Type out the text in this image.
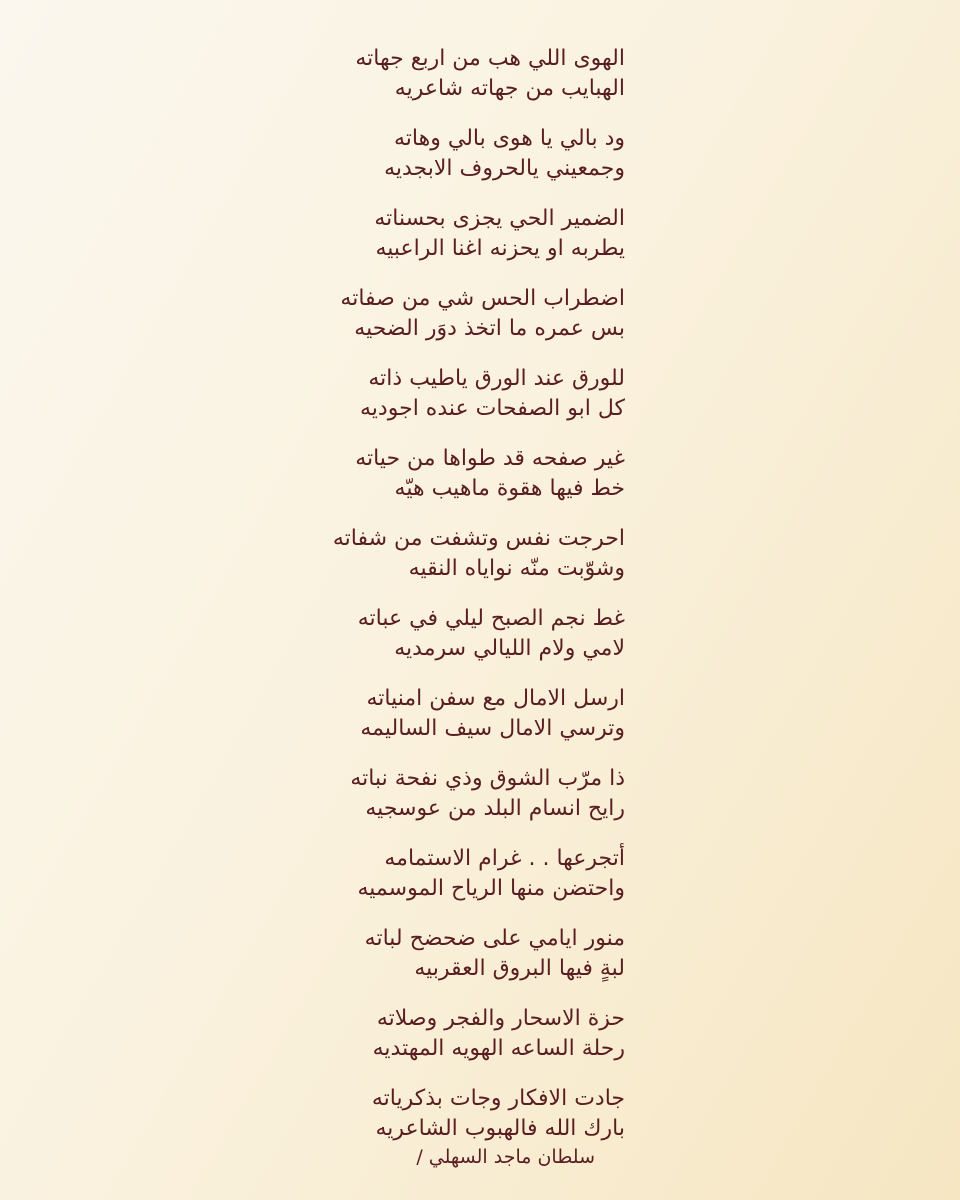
الهوى اللي هب من اربع جهاته
الهبايب من جهاته شاعريه
ود بالي يا هوى بالي وهاته
وجمعيني يالحروف الابجديه
الضمير الحي يجزى بحسناته
يطربه او يحزنه اغنا الراعبيه
اضطراب الحس شي من صفاته
بس عمره ما اتخذ دوَر الضحيه
للورق عند الورق ياطيب ذاته
كل ابو الصفحات عنده اجوديه
غير صفحه قد طواها من حياته
خط فيها هقوة ماهيب هيّه
احرجت نفس وتشفت من شفاته
وشوّبت منّه نواياه النقيه
غط نجم الصبح ليلي في عباته
لامي ولام الليالي سرمديه
ارسل الامال مع سفن امنياته
وترسي الامال سيف الساليمه
ذا مرّب الشوق وذي نفحة نباته
رايح انسام البلد من عوسجيه
أتجرعها . . غرام الاستمامه
واحتضن منها الرياح الموسميه
منور ايامي على ضحضح لباته
لبةٍ فيها البروق العقربيه
حزة الاسحار والفجر وصلاته
رحلة الساعه الهويه المهتديه
جادت الافكار وجات بذكرياته
بارك الله فالهبوب الشاعريه
سلطان ماجد السهلي /
